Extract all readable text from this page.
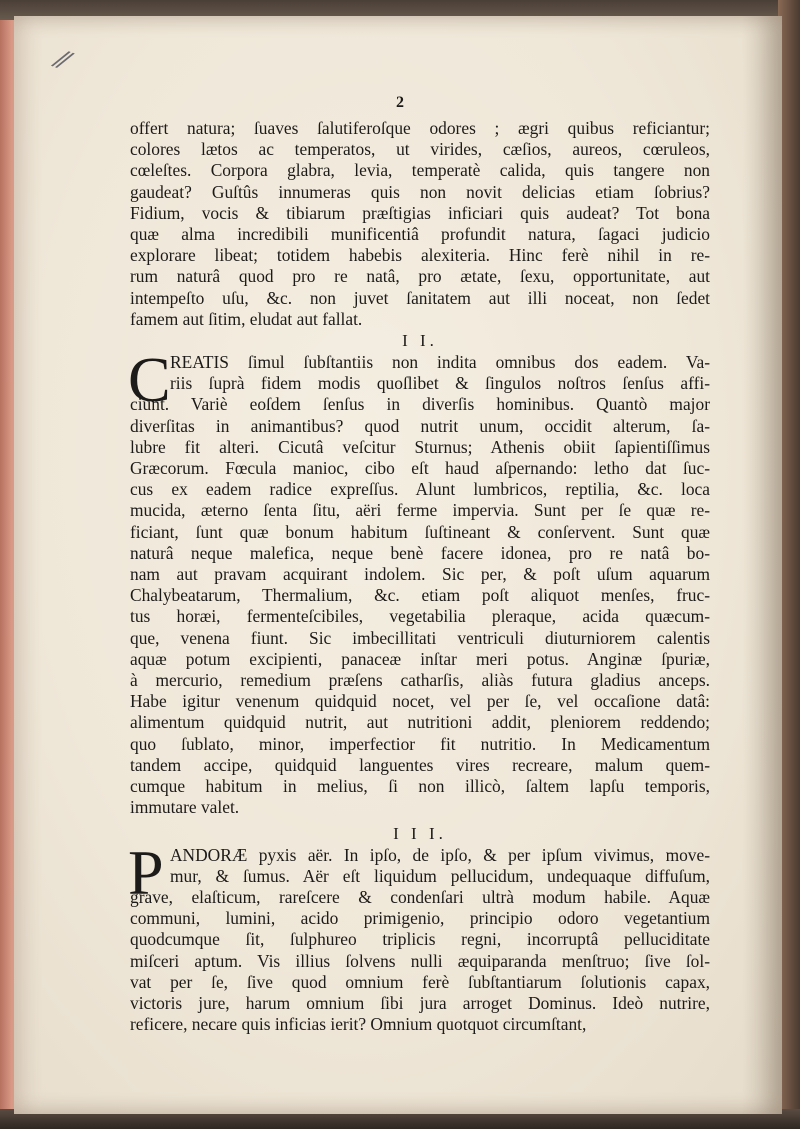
⁄⁄
2
offert natura; ſuaves ſalutiferoſque odores ; ægri quibus reficiantur;
colores lætos ac temperatos, ut virides, cæſios, aureos, cœruleos,
cœleſtes. Corpora glabra, levia, temperatè calida, quis tangere non
gaudeat? Guſtûs innumeras quis non novit delicias etiam ſobrius?
Fidium, vocis & tibiarum præſtigias inficiari quis audeat? Tot bona
quæ alma incredibili munificentiâ profundit natura, ſagaci judicio
explorare libeat; totidem habebis alexiteria. Hinc ferè nihil in re-
rum naturâ quod pro re natâ, pro ætate, ſexu, opportunitate, aut
intempeſto uſu, &c. non juvet ſanitatem aut illi noceat, non ſedet
famem aut ſitim, eludat aut fallat.
I I.
C REATIS ſimul ſubſtantiis non indita omnibus dos eadem. Va-
riis ſuprà fidem modis quoſlibet & ſingulos noſtros ſenſus affi-
ciunt. Variè eoſdem ſenſus in diverſis hominibus. Quantò major
diverſitas in animantibus? quod nutrit unum, occidit alterum, ſa-
lubre fit alteri. Cicutâ veſcitur Sturnus; Athenis obiit ſapientiſſimus
Græcorum. Fœcula manioc, cibo eſt haud aſpernando: letho dat ſuc-
cus ex eadem radice expreſſus. Alunt lumbricos, reptilia, &c. loca
mucida, æterno ſenta ſitu, aëri ferme impervia. Sunt per ſe quæ re-
ficiant, ſunt quæ bonum habitum ſuſtineant & conſervent. Sunt quæ
naturâ neque malefica, neque benè facere idonea, pro re natâ bo-
nam aut pravam acquirant indolem. Sic per, & poſt uſum aquarum
Chalybeatarum, Thermalium, &c. etiam poſt aliquot menſes, fruc-
tus horæi, fermenteſcibiles, vegetabilia pleraque, acida quæcum-
que, venena fiunt. Sic imbecillitati ventriculi diuturniorem calentis
aquæ potum excipienti, panaceæ inſtar meri potus. Anginæ ſpuriæ,
à mercurio, remedium præſens catharſis, aliàs futura gladius anceps.
Habe igitur venenum quidquid nocet, vel per ſe, vel occaſione datâ:
alimentum quidquid nutrit, aut nutritioni addit, pleniorem reddendo;
quo ſublato, minor, imperfectior fit nutritio. In Medicamentum
tandem accipe, quidquid languentes vires recreare, malum quem-
cumque habitum in melius, ſi non illicò, ſaltem lapſu temporis,
immutare valet.
I I I.
P ANDORÆ pyxis aër. In ipſo, de ipſo, & per ipſum vivimus, move-
mur, & ſumus. Aër eſt liquidum pellucidum, undequaque diffuſum,
grave, elaſticum, rareſcere & condenſari ultrà modum habile. Aquæ
communi, lumini, acido primigenio, principio odoro vegetantium
quodcumque ſit, ſulphureo triplicis regni, incorruptâ pelluciditate
miſceri aptum. Vis illius ſolvens nulli æquiparanda menſtruo; ſive ſol-
vat per ſe, ſive quod omnium ferè ſubſtantiarum ſolutionis capax,
victoris jure, harum omnium ſibi jura arroget Dominus. Ideò nutrire,
reficere, necare quis inficias ierit? Omnium quotquot circumſtant,
